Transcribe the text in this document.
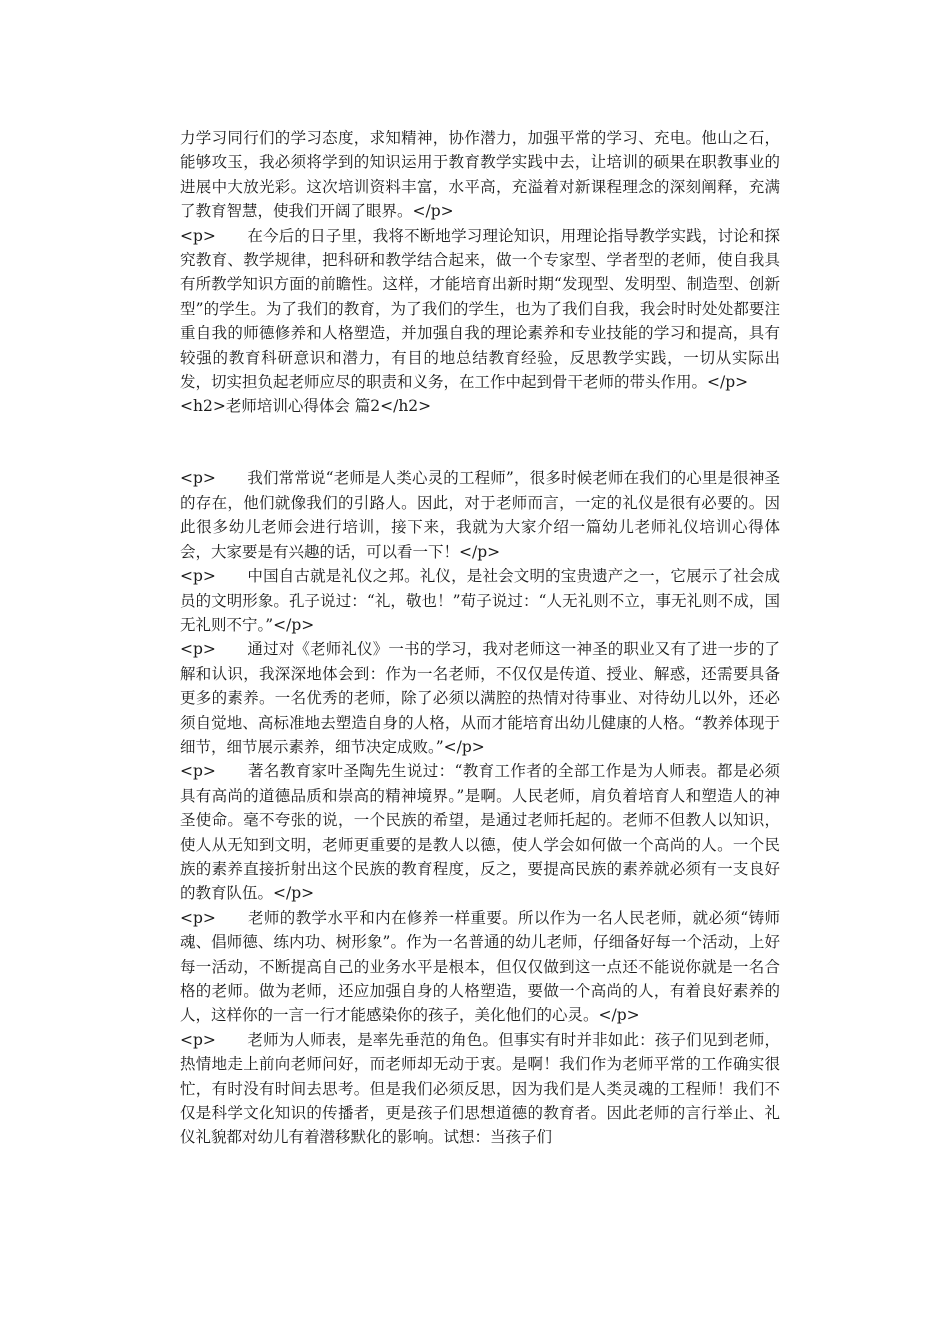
力学习同行们的学习态度，求知精神，协作潜力，加强平常的学习、充电。他山之石，能够攻玉，我必须将学到的知识运用于教育教学实践中去，让培训的硕果在职教事业的进展中大放光彩。这次培训资料丰富，水平高，充溢着对新课程理念的深刻阐释，充满了教育智慧，使我们开阔了眼界。</p>

<p>　　在今后的日子里，我将不断地学习理论知识，用理论指导教学实践，讨论和探究教育、教学规律，把科研和教学结合起来，做一个专家型、学者型的老师，使自我具有所教学知识方面的前瞻性。这样，才能培育出新时期“发现型、发明型、制造型、创新型”的学生。为了我们的教育，为了我们的学生，也为了我们自我，我会时时处处都要注重自我的师德修养和人格塑造，并加强自我的理论素养和专业技能的学习和提高，具有较强的教育科研意识和潜力，有目的地总结教育经验，反思教学实践，一切从实际出发，切实担负起老师应尽的职责和义务，在工作中起到骨干老师的带头作用。</p>

<h2>老师培训心得体会 篇2</h2>

<p>　　我们常常说“老师是人类心灵的工程师”，很多时候老师在我们的心里是很神圣的存在，他们就像我们的引路人。因此，对于老师而言，一定的礼仪是很有必要的。因此很多幼儿老师会进行培训，接下来，我就为大家介绍一篇幼儿老师礼仪培训心得体会，大家要是有兴趣的话，可以看一下！</p>

<p>　　中国自古就是礼仪之邦。礼仪，是社会文明的宝贵遗产之一，它展示了社会成员的文明形象。孔子说过：“礼，敬也！”荀子说过：“人无礼则不立，事无礼则不成，国无礼则不宁。”</p>

<p>　　通过对《老师礼仪》一书的学习，我对老师这一神圣的职业又有了进一步的了解和认识，我深深地体会到：作为一名老师，不仅仅是传道、授业、解惑，还需要具备更多的素养。一名优秀的老师，除了必须以满腔的热情对待事业、对待幼儿以外，还必须自觉地、高标准地去塑造自身的人格，从而才能培育出幼儿健康的人格。“教养体现于细节，细节展示素养，细节决定成败。”</p>

<p>　　著名教育家叶圣陶先生说过：“教育工作者的全部工作是为人师表。都是必须具有高尚的道德品质和崇高的精神境界。”是啊。人民老师，肩负着培育人和塑造人的神圣使命。毫不夸张的说，一个民族的希望，是通过老师托起的。老师不但教人以知识，使人从无知到文明，老师更重要的是教人以德，使人学会如何做一个高尚的人。一个民族的素养直接折射出这个民族的教育程度，反之，要提高民族的素养就必须有一支良好的教育队伍。</p>

<p>　　老师的教学水平和内在修养一样重要。所以作为一名人民老师，就必须“铸师魂、倡师德、练内功、树形象”。作为一名普通的幼儿老师，仔细备好每一个活动，上好每一活动，不断提高自己的业务水平是根本，但仅仅做到这一点还不能说你就是一名合格的老师。做为老师，还应加强自身的人格塑造，要做一个高尚的人，有着良好素养的人，这样你的一言一行才能感染你的孩子，美化他们的心灵。</p>

<p>　　老师为人师表，是率先垂范的角色。但事实有时并非如此：孩子们见到老师，热情地走上前向老师问好，而老师却无动于衷。是啊！我们作为老师平常的工作确实很忙，有时没有时间去思考。但是我们必须反思，因为我们是人类灵魂的工程师！我们不仅是科学文化知识的传播者，更是孩子们思想道德的教育者。因此老师的言行举止、礼仪礼貌都对幼儿有着潜移默化的影响。试想：当孩子们
